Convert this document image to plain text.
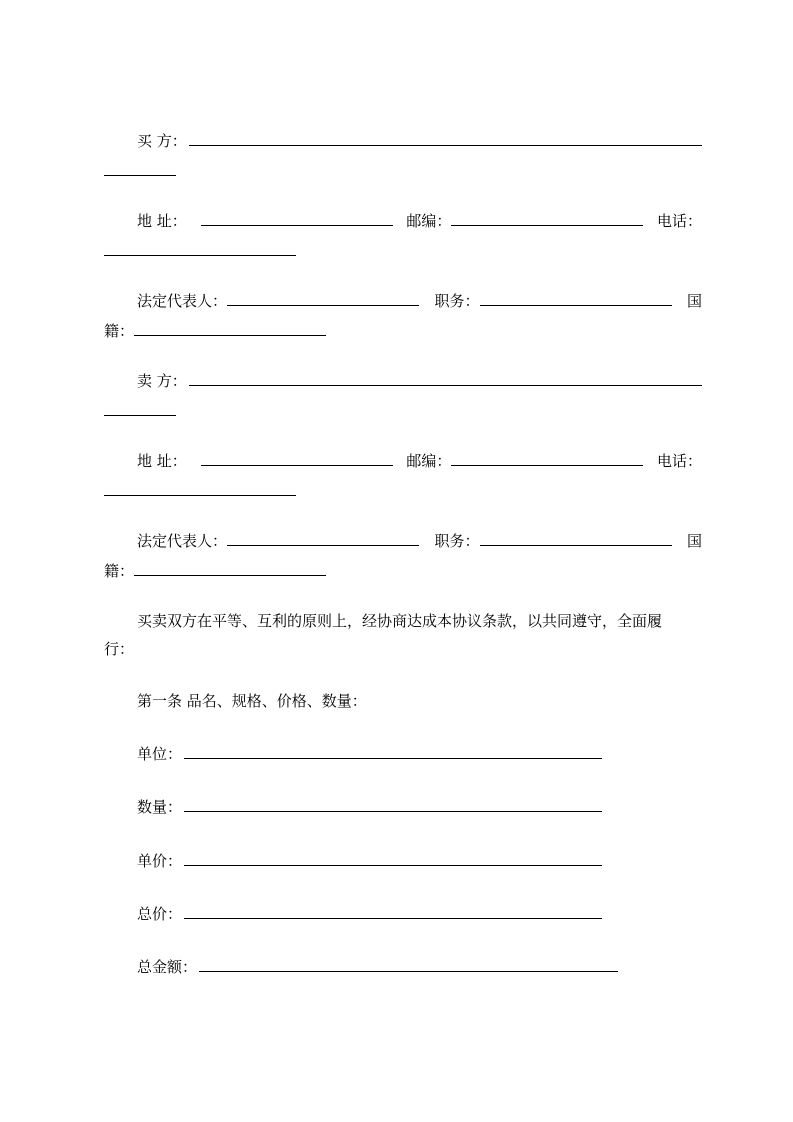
买 方：
地 址：	邮编：	电话：
法定代表人：	职务：	国
籍：
卖 方：
地 址：	邮编：	电话：
法定代表人：	职务：	国
籍：
买卖双方在平等、互利的原则上，经协商达成本协议条款，以共同遵守，全面履
行：
第一条 品名、规格、价格、数量：
单位：
数量：
单价：
总价：
总金额：
